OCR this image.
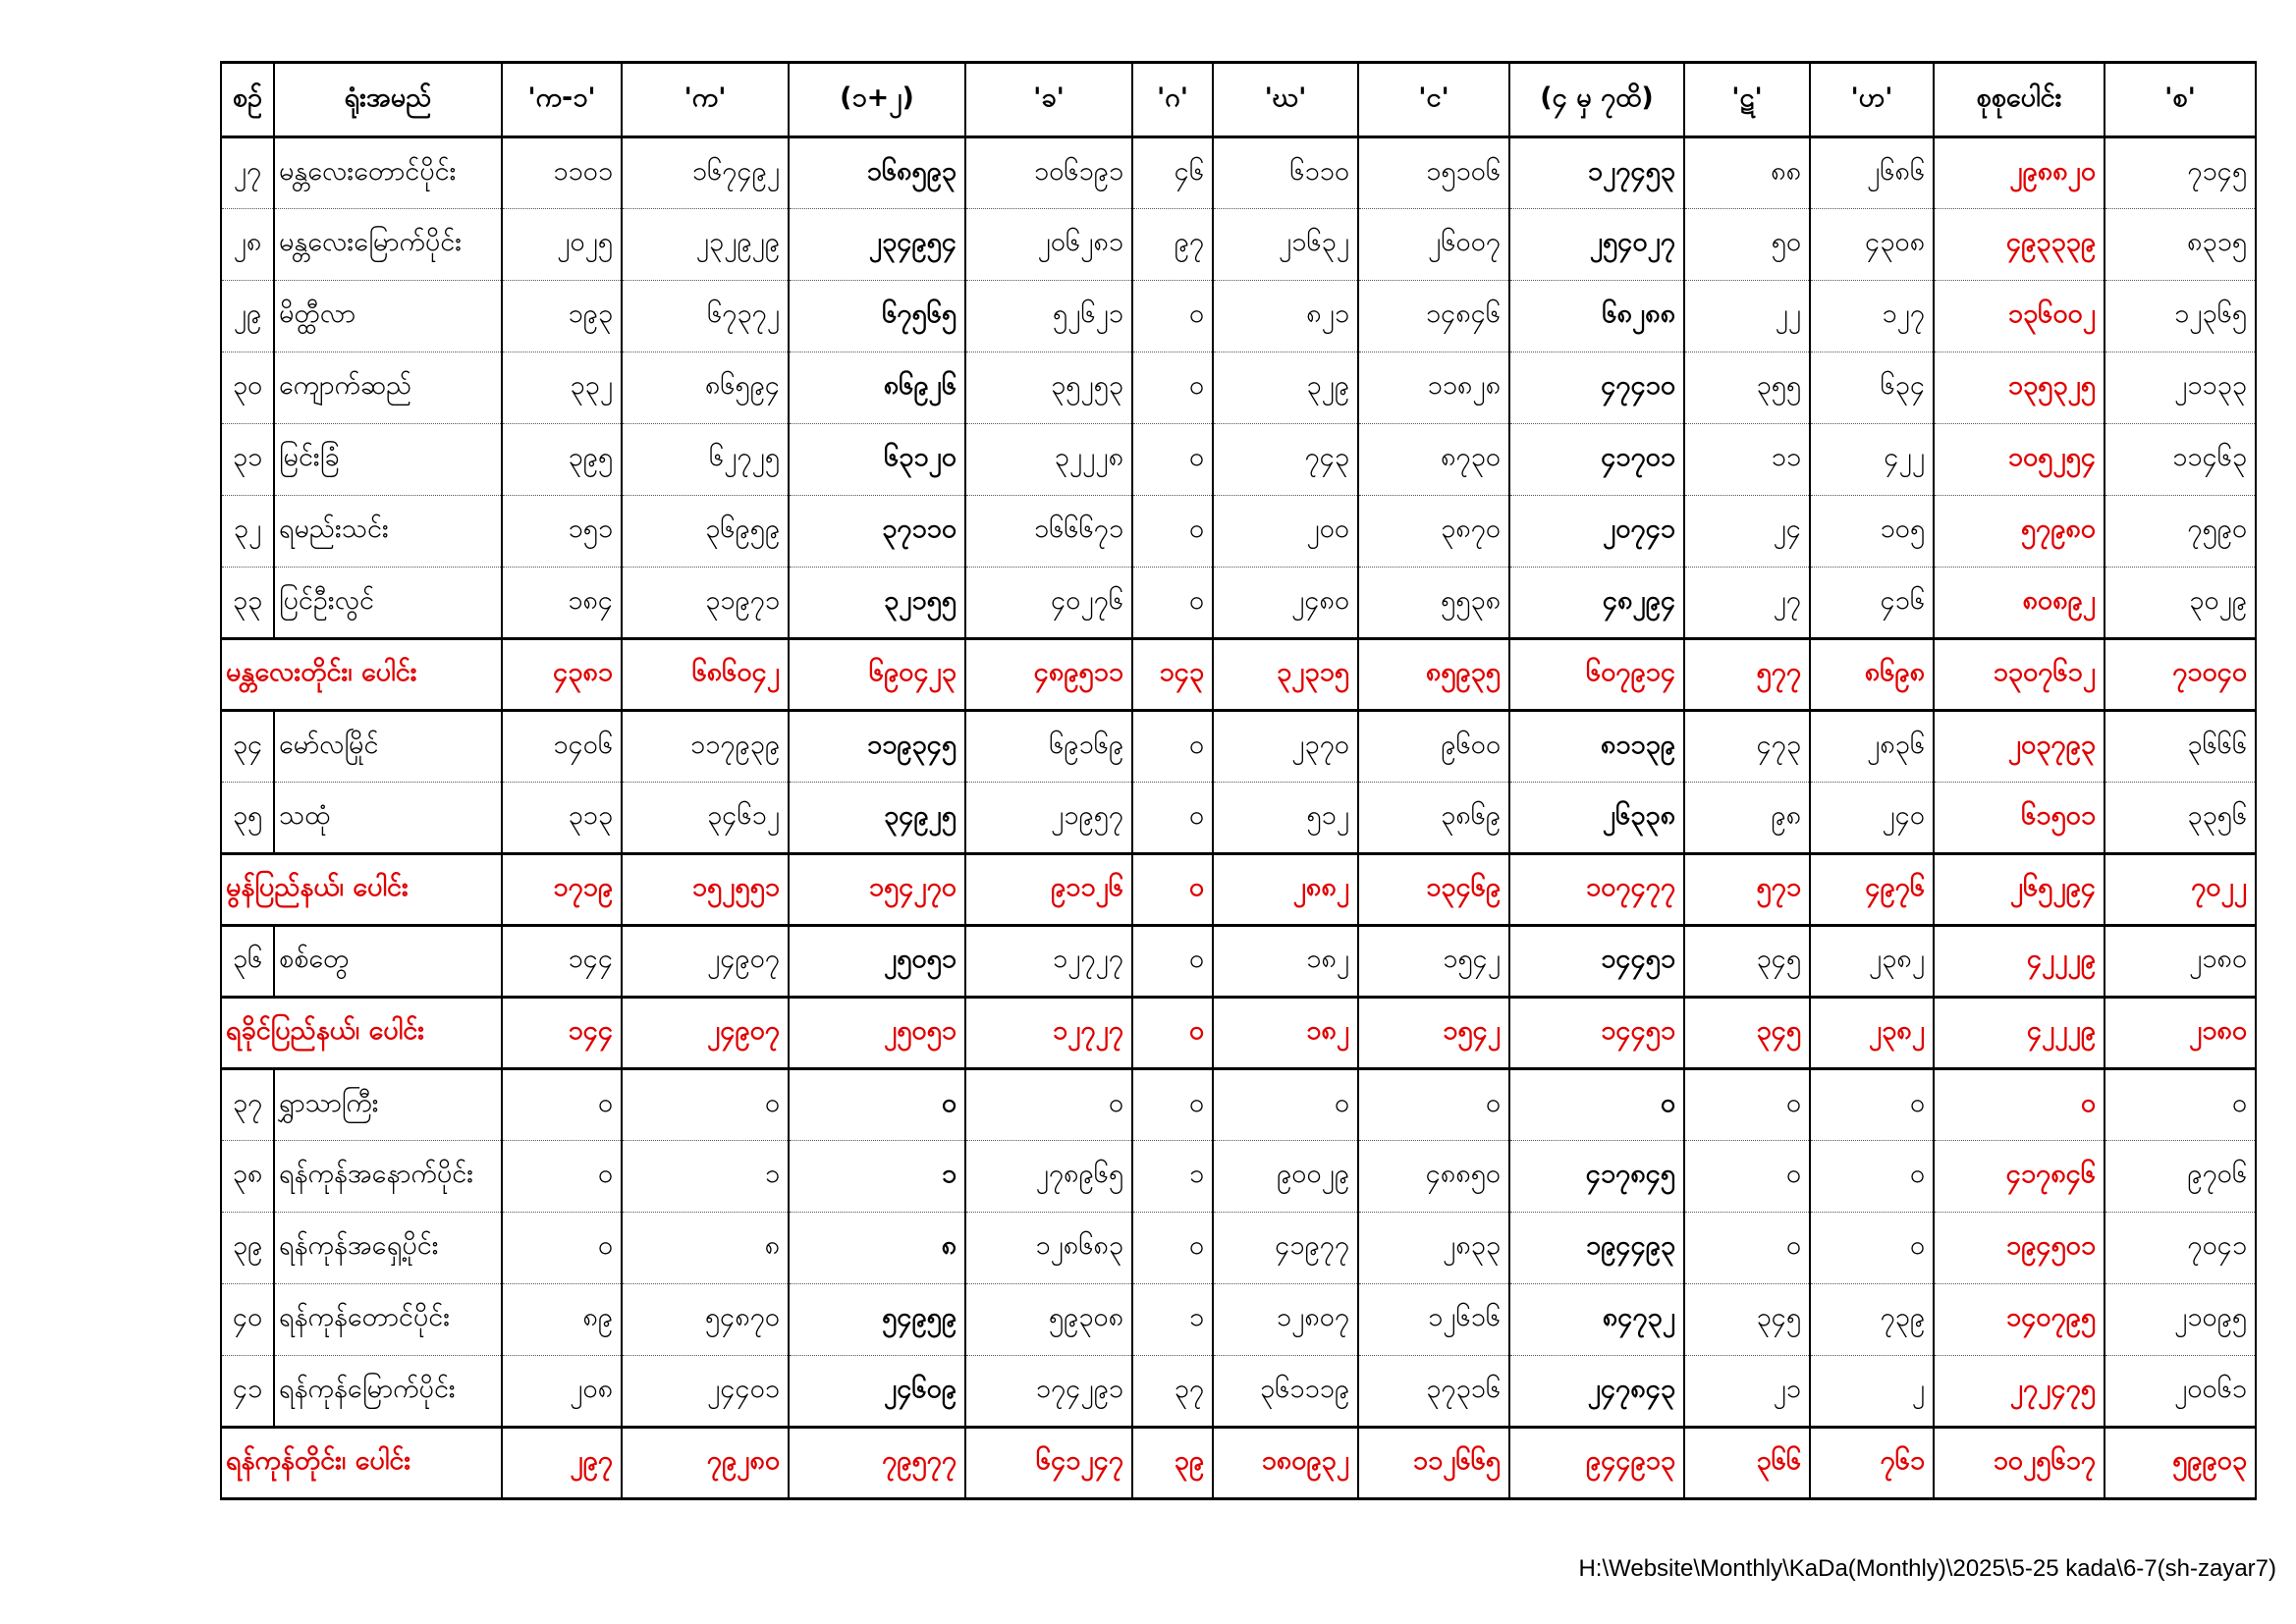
စဉ်	ရုံးအမည်	'က-၁'	'က'	(၁+၂)	'ခ'	'ဂ'	'ဃ'	'င'	(၄ မှ ၇ထိ)	'ဋ'	'ဟ'	စုစုပေါင်း	'စ'
၂၇	မန္တလေးတောင်ပိုင်း	၁၁၀၁	၁၆၇၄၉၂	၁၆၈၅၉၃	၁၀၆၁၉၁	၄၆	၆၁၁၀	၁၅၁၀၆	၁၂၇၄၅၃	၈၈	၂၆၈၆	၂၉၈၈၂၀	၇၁၄၅
၂၈	မန္တလေးမြောက်ပိုင်း	၂၀၂၅	၂၃၂၉၂၉	၂၃၄၉၅၄	၂၀၆၂၈၁	၉၇	၂၁၆၃၂	၂၆၀၀၇	၂၅၄၀၂၇	၅၀	၄၃၀၈	၄၉၃၃၃၉	၈၃၁၅
၂၉	မိတ္ထီလာ	၁၉၃	၆၇၃၇၂	၆၇၅၆၅	၅၂၆၂၁	၀	၈၂၁	၁၄၈၄၆	၆၈၂၈၈	၂၂	၁၂၇	၁၃၆၀၀၂	၁၂၃၆၅
၃၀	ကျောက်ဆည်	၃၃၂	၈၆၅၉၄	၈၆၉၂၆	၃၅၂၅၃	၀	၃၂၉	၁၁၈၂၈	၄၇၄၁၀	၃၅၅	၆၃၄	၁၃၅၃၂၅	၂၁၁၃၃
၃၁	မြင်းခြံ	၃၉၅	၆၂၇၂၅	၆၃၁၂၀	၃၂၂၂၈	၀	၇၄၃	၈၇၃၀	၄၁၇၀၁	၁၁	၄၂၂	၁၀၅၂၅၄	၁၁၄၆၃
၃၂	ရမည်းသင်း	၁၅၁	၃၆၉၅၉	၃၇၁၁၀	၁၆၆၆၇၁	၀	၂၀၀	၃၈၇၀	၂၀၇၄၁	၂၄	၁၀၅	၅၇၉၈၀	၇၅၉၀
၃၃	ပြင်ဦးလွင်	၁၈၄	၃၁၉၇၁	၃၂၁၅၅	၄၀၂၇၆	၀	၂၄၈၀	၅၅၃၈	၄၈၂၉၄	၂၇	၄၁၆	၈၀၈၉၂	၃၀၂၉
မန္တလေးတိုင်း၊ ပေါင်း		၄၃၈၁	၆၈၆၀၄၂	၆၉၀၄၂၃	၄၈၉၅၁၁	၁၄၃	၃၂၃၁၅	၈၅၉၃၅	၆၀၇၉၁၄	၅၇၇	၈၆၉၈	၁၃၀၇၆၁၂	၇၁၀၄၀
၃၄	မော်လမြိုင်	၁၄၀၆	၁၁၇၉၃၉	၁၁၉၃၄၅	၆၉၁၆၉	၀	၂၃၇၀	၉၆၀၀	၈၁၁၃၉	၄၇၃	၂၈၃၆	၂၀၃၇၉၃	၃၆၆၆
၃၅	သထုံ	၃၁၃	၃၄၆၁၂	၃၄၉၂၅	၂၁၉၅၇	၀	၅၁၂	၃၈၆၉	၂၆၃၃၈	၉၈	၂၄၀	၆၁၅၀၁	၃၃၅၆
မွန်ပြည်နယ်၊ ပေါင်း		၁၇၁၉	၁၅၂၅၅၁	၁၅၄၂၇၀	၉၁၁၂၆	၀	၂၈၈၂	၁၃၄၆၉	၁၀၇၄၇၇	၅၇၁	၄၉၇၆	၂၆၅၂၉၄	၇၀၂၂
၃၆	စစ်တွေ	၁၄၄	၂၄၉၀၇	၂၅၀၅၁	၁၂၇၂၇	၀	၁၈၂	၁၅၄၂	၁၄၄၅၁	၃၄၅	၂၃၈၂	၄၂၂၂၉	၂၁၈၀
ရခိုင်ပြည်နယ်၊ ပေါင်း		၁၄၄	၂၄၉၀၇	၂၅၀၅၁	၁၂၇၂၇	၀	၁၈၂	၁၅၄၂	၁၄၄၅၁	၃၄၅	၂၃၈၂	၄၂၂၂၉	၂၁၈၀
၃၇	ရွှာသာကြီး	၀	၀	၀	၀	၀	၀	၀	၀	၀	၀	၀	၀
၃၈	ရန်ကုန်အနောက်ပိုင်း	၀	၁	၁	၂၇၈၉၆၅	၁	၉၀၀၂၉	၄၈၈၅၀	၄၁၇၈၄၅	၀	၀	၄၁၇၈၄၆	၉၇၀၆
၃၉	ရန်ကုန်အရှေ့ပိုင်း	၀	၈	၈	၁၂၈၆၈၃	၀	၄၁၉၇၇	၂၈၃၃	၁၉၄၄၉၃	၀	၀	၁၉၄၅၀၁	၇၀၄၁
၄၀	ရန်ကုန်တောင်ပိုင်း	၈၉	၅၄၈၇၀	၅၄၉၅၉	၅၉၃၀၈	၁	၁၂၈၀၇	၁၂၆၁၆	၈၄၇၃၂	၃၄၅	၇၃၉	၁၄၀၇၉၅	၂၁၀၉၅
၄၁	ရန်ကုန်မြောက်ပိုင်း	၂၀၈	၂၄၄၀၁	၂၄၆၀၉	၁၇၄၂၉၁	၃၇	၃၆၁၁၁၉	၃၇၃၁၆	၂၄၇၈၄၃	၂၁	၂	၂၇၂၄၇၅	၂၀၀၆၁
ရန်ကုန်တိုင်း၊ ပေါင်း		၂၉၇	၇၉၂၈၀	၇၉၅၇၇	၆၄၁၂၄၇	၃၉	၁၈၀၉၃၂	၁၁၂၆၆၅	၉၄၄၉၁၃	၃၆၆	၇၆၁	၁၀၂၅၆၁၇	၅၉၉၀၃
H:\Website\Monthly\KaDa(Monthly)\2025\5-25 kada\6-7(sh-zayar7)
